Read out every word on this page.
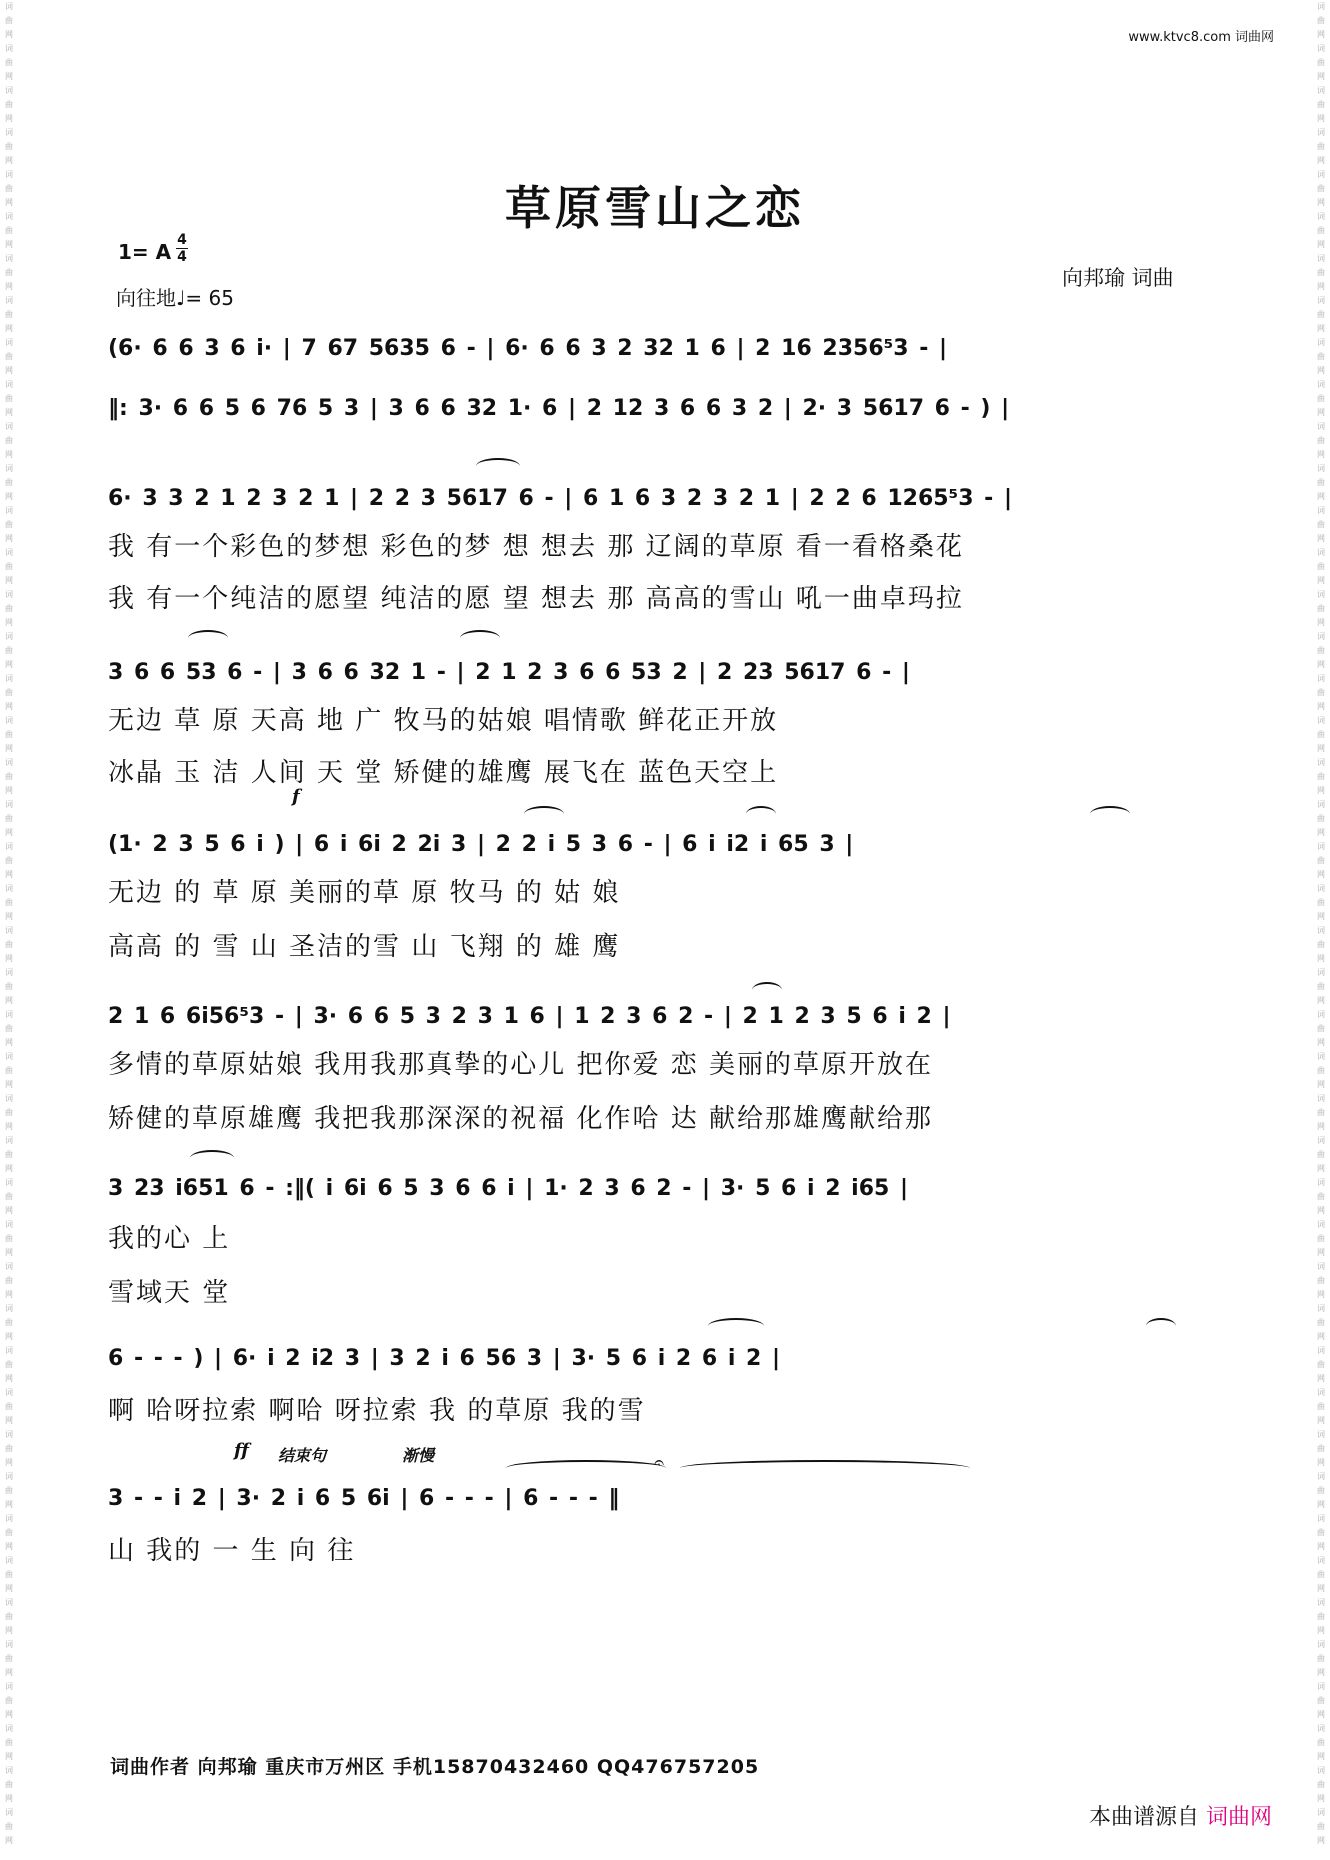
词
曲
网
词
曲
网
词
曲
网
词
曲
网
词
曲
网
词
曲
网
词
曲
网
词
曲
网
词
曲
网
词
曲
网
词
曲
网
词
曲
网
词
曲
网
词
曲
网
词
曲
网
词
曲
网
词
曲
网
词
曲
网
词
曲
网
词
曲
网
词
曲
网
词
曲
网
词
曲
网
词
曲
网
词
曲
网
词
曲
网
词
曲
网
词
曲
网
词
曲
网
词
曲
网
词
曲
网
词
曲
网
词
曲
网
词
曲
网
词
曲
网
词
曲
网
词
曲
网
词
曲
网
词
曲
网
词
曲
网
词
曲
网
词
曲
网
词
曲
网
词
曲
网
词
曲
网
词
曲
网
词
曲
网
词
曲
网
词
曲
网
词
曲
网
词
曲
网
词
曲
网
词
曲
网
词
曲
网
词
曲
网
词
曲
网
词
曲
网
词
曲
网
词
曲
网
词
曲
网
词
曲
网
词
曲
网
词
曲
网
词
曲
网
词
曲
网
词
曲
网
词
曲
网
词
曲
网
词
曲
网
词
曲
网
词
曲
网
词
曲
网
词
曲
网
词
曲
网
词
曲
网
词
曲
网
词
曲
网
词
曲
网
词
曲
网
词
曲
网
词
曲
网
词
曲
网
词
曲
网
词
曲
网
词
曲
网
词
曲
网
词
曲
网
词
曲
网
www.ktvc8.com 词曲网
草原雪山之恋
1= A 4
4
向往地♩= 65
向邦瑜 词曲
f
ff 结束句	渐慢
(6· 6 6 3 6 i· | 7 67 5635 6 - | 6· 6 6 3 2 32 1 6 | 2 16 2356⁵3 - |
‖: 3· 6 6 5 6 76 5 3 | 3 6 6 32 1· 6 | 2 12 3 6 6 3 2 | 2· 3 5617 6 - ) |
6· 3 3 2 1 2 3 2 1 | 2 2 3 5617 6 - | 6 1 6 3 2 3 2 1 | 2 2 6 1265⁵3 - |
我 有一个彩色的梦想 彩色的梦 想 想去 那 辽阔的草原 看一看格桑花
我 有一个纯洁的愿望 纯洁的愿 望 想去 那 高高的雪山 吼一曲卓玛拉
3 6 6 53 6 - | 3 6 6 32 1 - | 2 1 2 3 6 6 53 2 | 2 23 5617 6 - |
无边 草 原 天高 地 广 牧马的姑娘 唱情歌 鲜花正开放
冰晶 玉 洁 人间 天 堂 矫健的雄鹰 展飞在 蓝色天空上
(1· 2 3 5 6 i ) | 6 i 6i 2 2i 3 | 2 2 i 5 3 6 - | 6 i i2 i 65 3 |
无边 的 草 原 美丽的草 原 牧马 的 姑 娘
高高 的 雪 山 圣洁的雪 山 飞翔 的 雄 鹰
2 1 6 6i56⁵3 - | 3· 6 6 5 3 2 3 1 6 | 1 2 3 6 2 - | 2 1 2 3 5 6 i 2 |
多情的草原姑娘 我用我那真挚的心儿 把你爱 恋 美丽的草原开放在
矫健的草原雄鹰 我把我那深深的祝福 化作哈 达 献给那雄鹰献给那
3 23 i651 6 - :‖( i 6i 6 5 3 6 6 i | 1· 2 3 6 2 - | 3· 5 6 i 2 i65 |
我的心 上
雪域天 堂
6 - - - ) | 6· i 2 i2 3 | 3 2 i 6 56 3 | 3· 5 6 i 2 6 i 2 |
啊 哈呀拉索 啊哈 呀拉索 我 的草原 我的雪
3 - - i 2 | 3· 2 i 6 5 6i | 6 - - - | 6 - - - ‖
山 我的 一 生 向 往
𝄐
词曲作者 向邦瑜 重庆市万州区 手机15870432460 QQ476757205
本曲谱源自 词曲网
